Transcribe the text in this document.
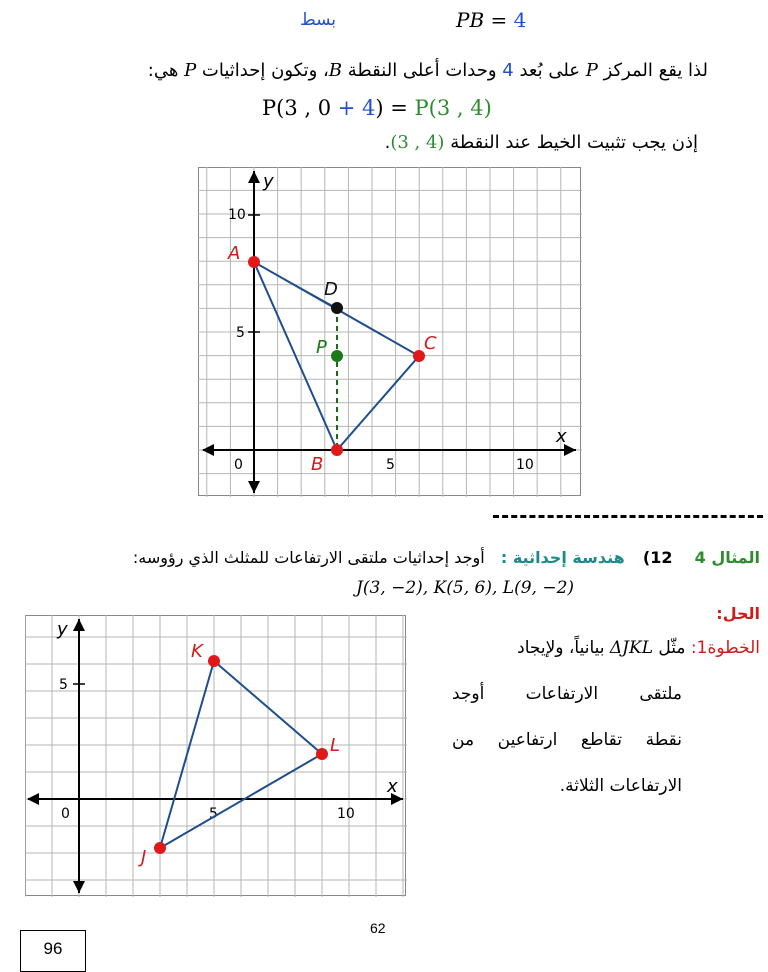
بسط	PB = 4
لذا يقع المركز P على بُعد 4 وحدات أعلى النقطة B، وتكون إحداثيات P هي:
P(3 , 0 + 4) = P(3 , 4)
إذن يجب تثبيت الخيط عند النقطة (3 , 4).
y
x
0	5	10
5
10
A
B
C
D
P
المثال 4  12)  هندسة إحداثية :  أوجد إحداثيات ملتقى الارتفاعات للمثلث الذي رؤوسه:
J(3, −2), K(5, 6), L(9, −2)
الحل:
الخطوة1: مثّل ΔJKL بيانياً، ولإيجاد
ملتقى الارتفاعات أوجد
نقطة تقاطع ارتفاعين من
الارتفاعات الثلاثة.
y
x
0	5	10
5
J
K
L
62
96
